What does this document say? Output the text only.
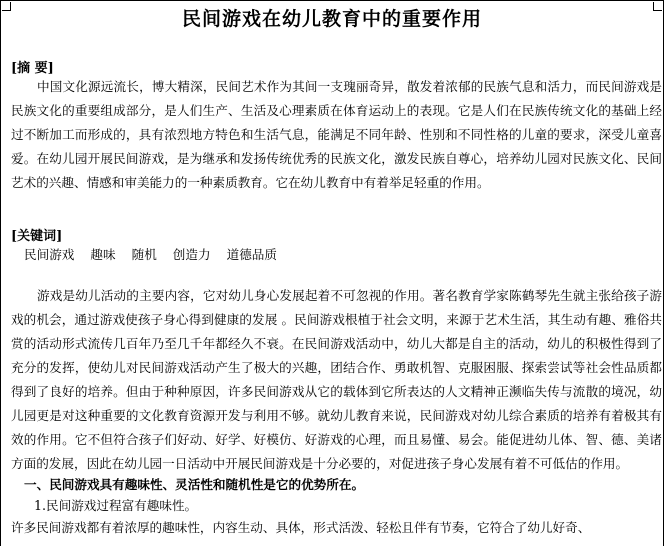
民间游戏在幼儿教育中的重要作用
[摘 要]
中国文化源远流长，博大精深，民间艺术作为其间一支瑰丽奇异，散发着浓郁的民族气息和活力，而民间游戏是民族文化的重要组成部分，是人们生产、生活及心理素质在体育运动上的表现。它是人们在民族传统文化的基础上经过不断加工而形成的，具有浓烈地方特色和生活气息，能满足不同年龄、性别和不同性格的儿童的要求，深受儿童喜爱。在幼儿园开展民间游戏，是为继承和发扬传统优秀的民族文化，激发民族自尊心，培养幼儿园对民族文化、民间艺术的兴趣、情感和审美能力的一种素质教育。它在幼儿教育中有着举足轻重的作用。
[关键词]
民间游戏 趣味 随机 创造力 道德品质
游戏是幼儿活动的主要内容，它对幼儿身心发展起着不可忽视的作用。著名教育学家陈鹤琴先生就主张给孩子游戏的机会，通过游戏使孩子身心得到健康的发展 。民间游戏根植于社会文明，来源于艺术生活，其生动有趣、雅俗共赏的活动形式流传几百年乃至几千年都经久不衰。在民间游戏活动中，幼儿大都是自主的活动，幼儿的积极性得到了充分的发挥，使幼儿对民间游戏活动产生了极大的兴趣，团结合作、勇敢机智、克服困服、探索尝试等社会性品质都得到了良好的培养。但由于种种原因，许多民间游戏从它的载体到它所表达的人文精神正濒临失传与流散的境况，幼儿园更是对这种重要的文化教育资源开发与利用不够。就幼儿教育来说，民间游戏对幼儿综合素质的培养有着极其有效的作用。它不但符合孩子们好动、好学、好模仿、好游戏的心理，而且易懂、易会。能促进幼儿体、智、德、美诸方面的发展，因此在幼儿园一日活动中开展民间游戏是十分必要的，对促进孩子身心发展有着不可低估的作用。
一、民间游戏具有趣味性、灵活性和随机性是它的优势所在。
1.民间游戏过程富有趣味性。
许多民间游戏都有着浓厚的趣味性，内容生动、具体，形式活泼、轻松且伴有节奏，它符合了幼儿好奇、
